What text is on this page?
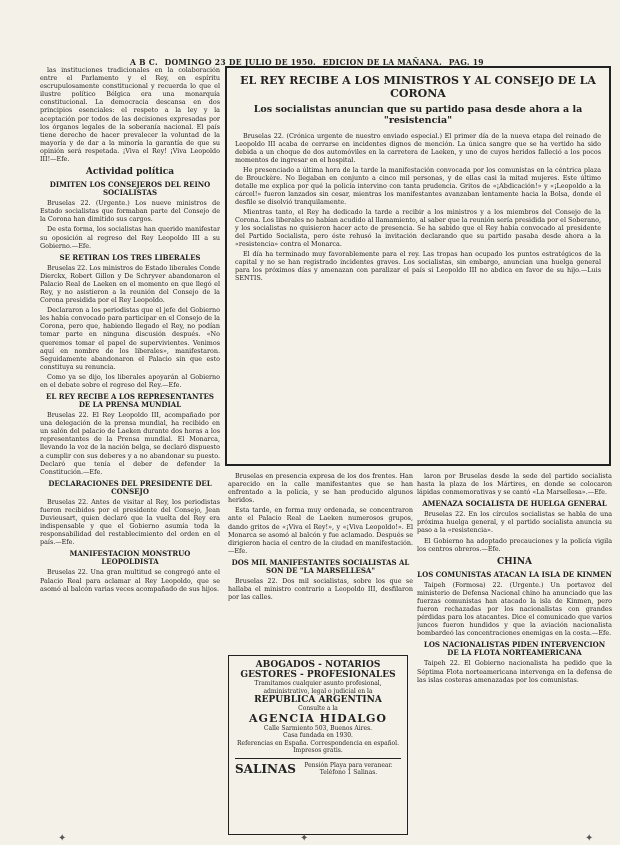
A B C. DOMINGO 23 DE JULIO DE 1950. EDICION DE LA MAÑANA. PAG. 19

las instituciones tradicionales en la colaboración entre el Parlamento y el Rey, en espíritu escrupulosamente constitucional y recuerda lo que el ilustre político Bélgica era una monarquía constitucional. La democracia descansa en dos principios esenciales: el respeto a la ley y la aceptación por todos de las decisiones expresadas por los órganos legales de la soberanía nacional. El país tiene derecho de hacer prevalecer la voluntad de la mayoría y de dar a la minoría la garantía de que su opinión será respetada. ¡Viva el Rey! ¡Viva Leopoldo III!—Efe.

Actividad política
DIMITEN LOS CONSEJEROS DEL REINO SOCIALISTAS

Bruselas 22. (Urgente.) Los nueve ministros de Estado socialistas que formaban parte del Consejo de la Corona han dimitido sus cargos.

De esta forma, los socialistas han querido manifestar su oposición al regreso del Rey Leopoldo III a su Gobierno.—Efe.

SE RETIRAN LOS TRES LIBERALES

Bruselas 22. Los ministros de Estado liberales Conde Dierckx, Robert Gillon y De Schryver abandonaron el Palacio Real de Laeken en el momento en que llegó el Rey, y no asistieron a la reunión del Consejo de la Corona presidida por el Rey Leopoldo.

Declararon a los periodistas que el jefe del Gobierno les había convocado para participar en el Consejo de la Corona, pero que, habiendo llegado el Rey, no podían tomar parte en ninguna discusión después. «No queremos tomar el papel de supervivientes. Venimos aquí en nombre de los liberales», manifestaron. Seguidamente abandonaron el Palacio sin que esto constituya su renuncia.

Como ya se dijo, los liberales apoyarán al Gobierno en el debate sobre el regreso del Rey.—Efe.

EL REY RECIBE A LOS REPRESENTANTES DE LA PRENSA MUNDIAL

Bruselas 22. El Rey Leopoldo III, acompañado por una delegación de la prensa mundial, ha recibido en un salón del palacio de Laeken durante dos horas a los representantes de la Prensa mundial. El Monarca, llevando la voz de la nación belga, se declaró dispuesto a cumplir con sus deberes y a no abandonar su puesto. Declaró que tenía el deber de defender la Constitución.—Efe.

DECLARACIONES DEL PRESIDENTE DEL CONSEJO

Bruselas 22. Antes de visitar al Rey, los periodistas fueron recibidos por el presidente del Consejo, Jean Duvieusart, quien declaró que la vuelta del Rey era indispensable y que el Gobierno asumía toda la responsabilidad del restablecimiento del orden en el país.—Efe.

MANIFESTACION MONSTRUO LEOPOLDISTA

Bruselas 22. Una gran multitud se congregó ante el Palacio Real para aclamar al Rey Leopoldo, que se asomó al balcón varias veces acompañado de sus hijos.

EL REY RECIBE A LOS MINISTROS Y AL CONSEJO DE LA CORONA
Los socialistas anuncian que su partido pasa desde ahora a la "resistencia"

Bruselas 22. (Crónica urgente de nuestro enviado especial.) El primer día de la nueva etapa del reinado de Leopoldo III acaba de cerrarse en incidentes dignos de mención. La única sangre que se ha vertido ha sido debida a un choque de dos automóviles en la carretera de Laeken, y uno de cuyos heridos falleció a los pocos momentos de ingresar en el hospital.

He presenciado a última hora de la tarde la manifestación convocada por los comunistas en la céntrica plaza de Brouckère. No llegaban en conjunto a cinco mil personas, y de ellas casi la mitad mujeres. Este último detalle me explica por qué la policía intervino con tanta prudencia. Gritos de «¡Abdicación!» y «¡Leopoldo a la cárcel!» fueron lanzados sin cesar, mientras los manifestantes avanzaban lentamente hacia la Bolsa, donde el desfile se disolvió tranquilamente.

Mientras tanto, el Rey ha dedicado la tarde a recibir a los ministros y a los miembros del Consejo de la Corona. Los liberales no habían acudido al llamamiento, al saber que la reunión sería presidida por el Soberano, y los socialistas no quisieron hacer acto de presencia. Se ha sabido que el Rey había convocado al presidente del Partido Socialista, pero éste rehusó la invitación declarando que su partido pasaba desde ahora a la «resistencia» contra el Monarca.

El día ha terminado muy favorablemente para el rey. Las tropas han ocupado los puntos estratégicos de la capital y no se han registrado incidentes graves. Los socialistas, sin embargo, anuncian una huelga general para los próximos días y amenazan con paralizar el país si Leopoldo III no abdica en favor de su hijo.—Luis SENTIS.

Bruselas en presencia expresa de los dos frentes. Han aparecido en la calle manifestantes que se han enfrentado a la policía, y se han producido algunos heridos.

Esta tarde, en forma muy ordenada, se concentraron ante el Palacio Real de Laeken numerosos grupos, dando gritos de «¡Viva el Rey!», y «¡Viva Leopoldo!». El Monarca se asomó al balcón y fue aclamado. Después se dirigieron hacia el centro de la ciudad en manifestación.—Efe.

DOS MIL MANIFESTANTES SOCIALISTAS AL SON DE "LA MARSELLESA"

Bruselas 22. Dos mil socialistas, sobre los que se hallaba el ministro contrario a Leopoldo III, desfilaron por las calles.

ABOGADOS - NOTARIOS
GESTORES - PROFESIONALES
Tramitamos cualquier asunto profesional, administrativo, legal o judicial en la
REPUBLICA ARGENTINA
Consulte a la
AGENCIA HIDALGO
Calle Sarmiento 503, Buenos Aires.
Casa fundada en 1930.
Referencias en España. Correspondencia en español. Impresos gratis.
SALINAS	Pensión Playa para veranear. Teléfono 1 Salinas.

laron por Bruselas desde la sede del partido socialista hasta la plaza de los Mártires, en donde se colocaron lápidas conmemorativas y se cantó «La Marsellesa».—Efe.

AMENAZA SOCIALISTA DE HUELGA GENERAL

Bruselas 22. En los círculos socialistas se habla de una próxima huelga general, y el partido socialista anuncia su paso a la «resistencia».

El Gobierno ha adoptado precauciones y la policía vigila los centros obreros.—Efe.

CHINA
LOS COMUNISTAS ATACAN LA ISLA DE KINMEN

Taipeh (Formosa) 22. (Urgente.) Un portavoz del ministerio de Defensa Nacional chino ha anunciado que las fuerzas comunistas han atacado la isla de Kinmen, pero fueron rechazadas por los nacionalistas con grandes pérdidas para los atacantes. Dice el comunicado que varios juncos fueron hundidos y que la aviación nacionalista bombardeó las concentraciones enemigas en la costa.—Efe.

LOS NACIONALISTAS PIDEN INTERVENCION DE LA FLOTA NORTEAMERICANA

Taipeh 22. El Gobierno nacionalista ha pedido que la Séptima Flota norteamericana intervenga en la defensa de las islas costeras amenazadas por los comunistas.

✦	✦	✦
